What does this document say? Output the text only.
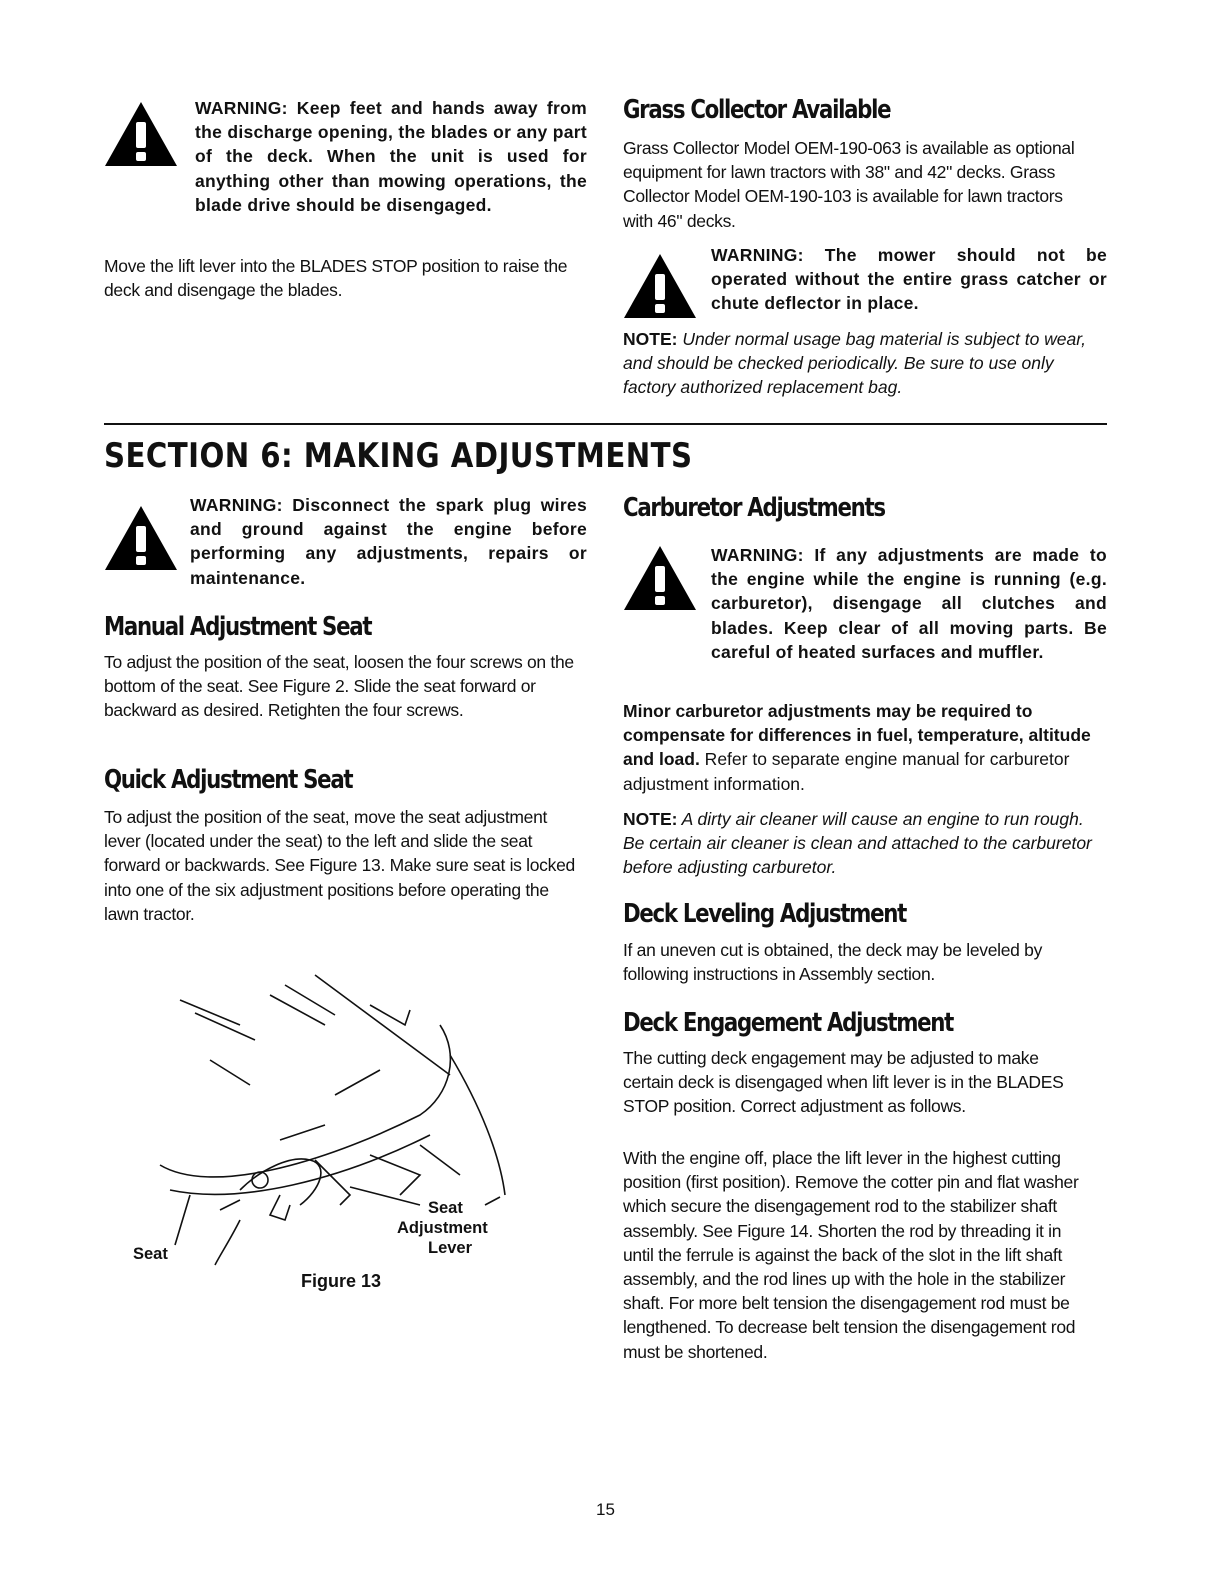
WARNING: Keep feet and hands away from the discharge opening, the blades or any part of the deck. When the unit is used for anything other than mowing operations, the blade drive should be disengaged.

Move the lift lever into the BLADES STOP position to raise the deck and disengage the blades.

Grass Collector Available

Grass Collector Model OEM-190-063 is available as optional equipment for lawn tractors with 38" and 42" decks. Grass Collector Model OEM-190-103 is available for lawn tractors with 46" decks.

WARNING: The mower should not be operated without the entire grass catcher or chute deflector in place.

NOTE: Under normal usage bag material is subject to wear, and should be checked periodically. Be sure to use only factory authorized replacement bag.

SECTION 6: MAKING ADJUSTMENTS
WARNING: Disconnect the spark plug wires and ground against the engine before performing any adjustments, repairs or maintenance.
Manual Adjustment Seat

To adjust the position of the seat, loosen the four screws on the bottom of the seat. See Figure 2. Slide the seat forward or backward as desired. Retighten the four screws.

Quick Adjustment Seat

To adjust the position of the seat, move the seat adjustment lever (located under the seat) to the left and slide the seat forward or backwards. See Figure 13. Make sure seat is locked into one of the six adjustment positions before operating the lawn tractor.

Seat
Seat
Adjustment
Lever
Figure 13
Carburetor Adjustments
WARNING: If any adjustments are made to the engine while the engine is running (e.g. carburetor), disengage all clutches and blades. Keep clear of all moving parts. Be careful of heated surfaces and muffler.

Minor carburetor adjustments may be required to compensate for differences in fuel, temperature, altitude and load. Refer to separate engine manual for carburetor adjustment information.

NOTE: A dirty air cleaner will cause an engine to run rough. Be certain air cleaner is clean and attached to the carburetor before adjusting carburetor.

Deck Leveling Adjustment

If an uneven cut is obtained, the deck may be leveled by following instructions in Assembly section.

Deck Engagement Adjustment

The cutting deck engagement may be adjusted to make certain deck is disengaged when lift lever is in the BLADES STOP position. Correct adjustment as follows.

With the engine off, place the lift lever in the highest cutting position (first position). Remove the cotter pin and flat washer which secure the disengagement rod to the stabilizer shaft assembly. See Figure 14. Shorten the rod by threading it in until the ferrule is against the back of the slot in the lift shaft assembly, and the rod lines up with the hole in the stabilizer shaft. For more belt tension the disengagement rod must be lengthened. To decrease belt tension the disengagement rod must be shortened.

15
